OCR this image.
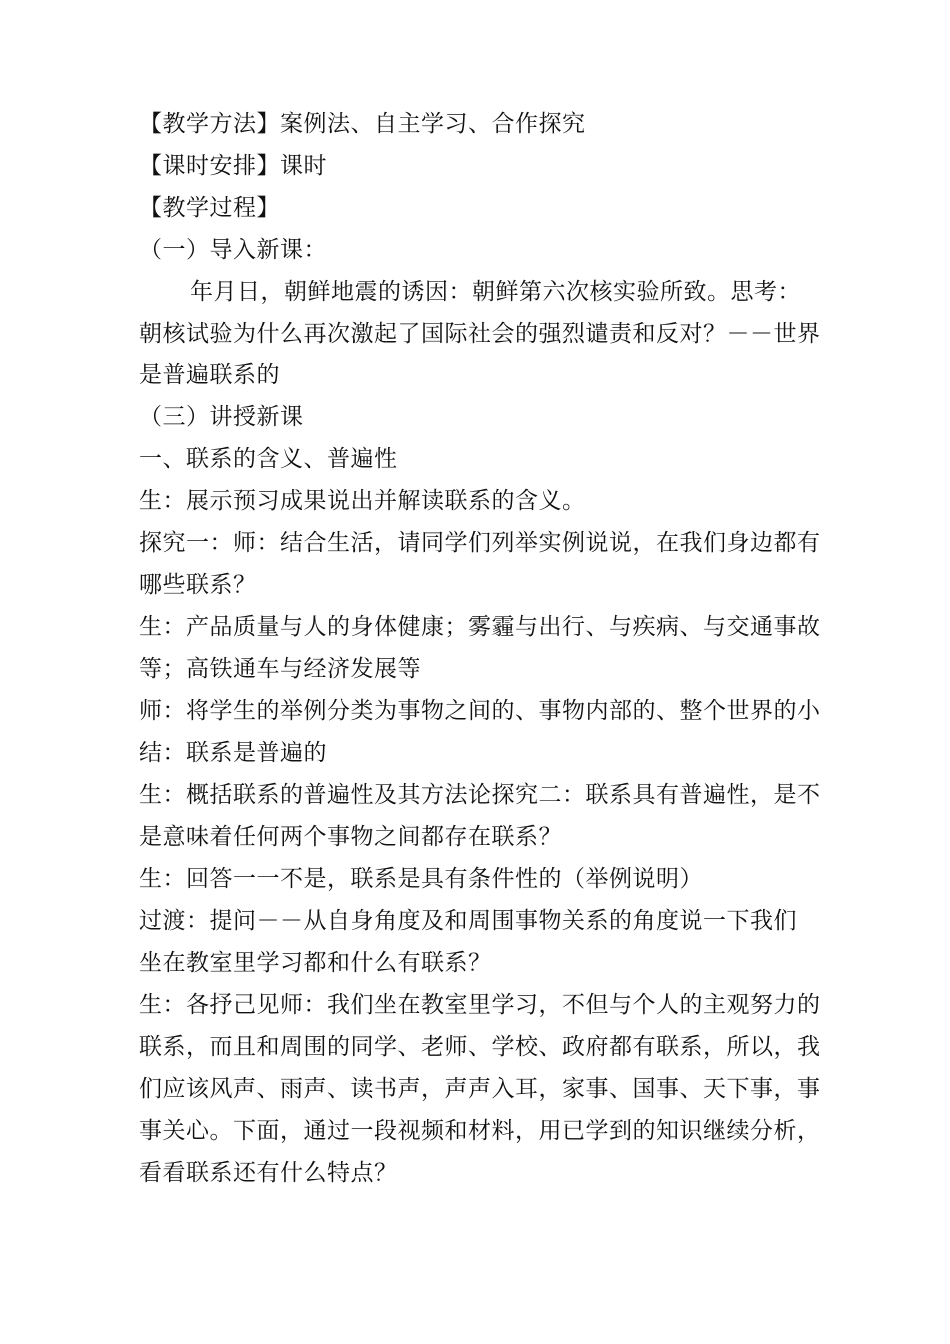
【教学方法】案例法、自主学习、合作探究
【课时安排】课时
【教学过程】
（一）导入新课：
年月日，朝鲜地震的诱因：朝鲜第六次核实验所致。思考：
朝核试验为什么再次激起了国际社会的强烈谴责和反对？－－世界
是普遍联系的
（三）讲授新课
一、联系的含义、普遍性
生：展示预习成果说出并解读联系的含义。
探究一：师：结合生活，请同学们列举实例说说，在我们身边都有
哪些联系？
生：产品质量与人的身体健康；雾霾与出行、与疾病、与交通事故
等；高铁通车与经济发展等
师：将学生的举例分类为事物之间的、事物内部的、整个世界的小
结：联系是普遍的
生：概括联系的普遍性及其方法论探究二：联系具有普遍性，是不
是意味着任何两个事物之间都存在联系？
生：回答一一不是，联系是具有条件性的（举例说明）
过渡：提问－－从自身角度及和周围事物关系的角度说一下我们
坐在教室里学习都和什么有联系？
生：各抒己见师：我们坐在教室里学习，不但与个人的主观努力的
联系，而且和周围的同学、老师、学校、政府都有联系，所以，我
们应该风声、雨声、读书声，声声入耳，家事、国事、天下事，事
事关心。下面，通过一段视频和材料，用已学到的知识继续分析，
看看联系还有什么特点？
